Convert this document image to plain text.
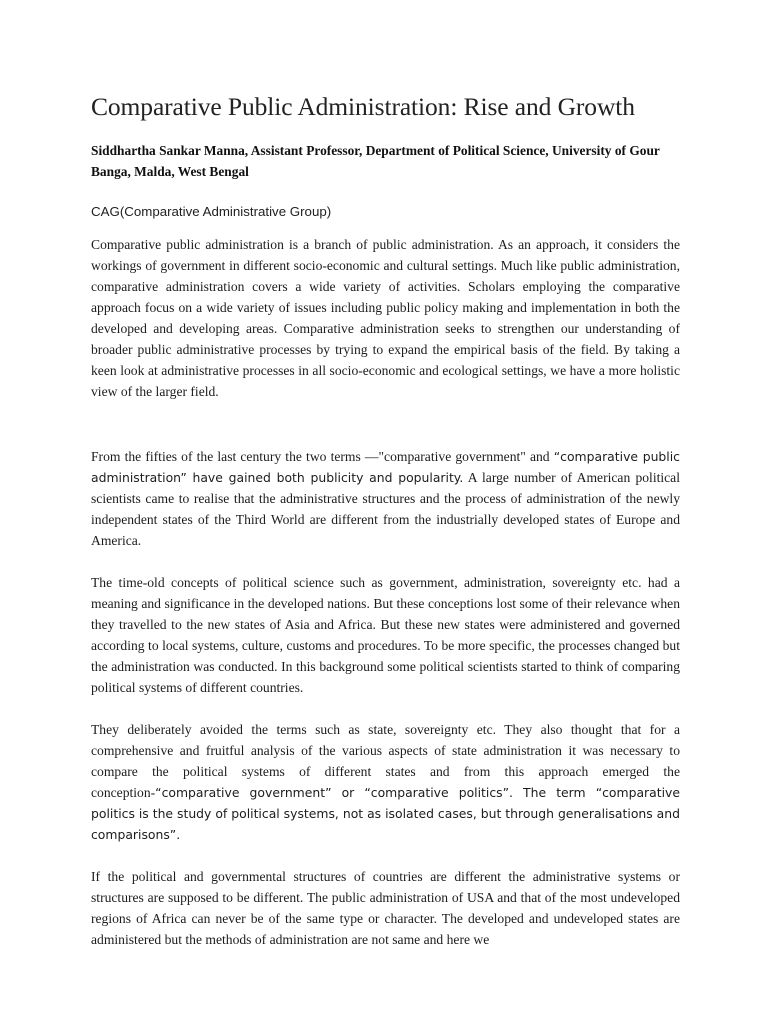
Comparative Public Administration: Rise and Growth

Siddhartha Sankar Manna, Assistant Professor, Department of Political Science, University of Gour Banga, Malda, West Bengal

CAG(Comparative Administrative Group)

Comparative public administration is a branch of public administration. As an approach, it considers the workings of government in different socio-economic and cultural settings. Much like public administration, comparative administration covers a wide variety of activities. Scholars employing the comparative approach focus on a wide variety of issues including public policy making and implementation in both the developed and developing areas. Comparative administration seeks to strengthen our understanding of broader public administrative processes by trying to expand the empirical basis of the field. By taking a keen look at administrative processes in all socio-economic and ecological settings, we have a more holistic view of the larger field.

From the fifties of the last century the two terms —"comparative government" and “comparative public administration” have gained both publicity and popularity. A large number of American political scientists came to realise that the administrative structures and the process of administration of the newly independent states of the Third World are different from the industrially developed states of Europe and America.

The time-old concepts of political science such as government, administration, sovereignty etc. had a meaning and significance in the developed nations. But these conceptions lost some of their relevance when they travelled to the new states of Asia and Africa. But these new states were administered and governed according to local systems, culture, customs and procedures. To be more specific, the processes changed but the administration was conducted. In this background some political scientists started to think of comparing political systems of different countries.

They deliberately avoided the terms such as state, sovereignty etc. They also thought that for a comprehensive and fruitful analysis of the various aspects of state administration it was necessary to compare the political systems of different states and from this approach emerged the conception-“comparative government” or “comparative politics”. The term “comparative politics is the study of political systems, not as isolated cases, but through generalisations and comparisons”.

If the political and governmental structures of countries are different the administrative systems or structures are supposed to be different. The public administration of USA and that of the most undeveloped regions of Africa can never be of the same type or character. The developed and undeveloped states are administered but the methods of administration are not same and here we
